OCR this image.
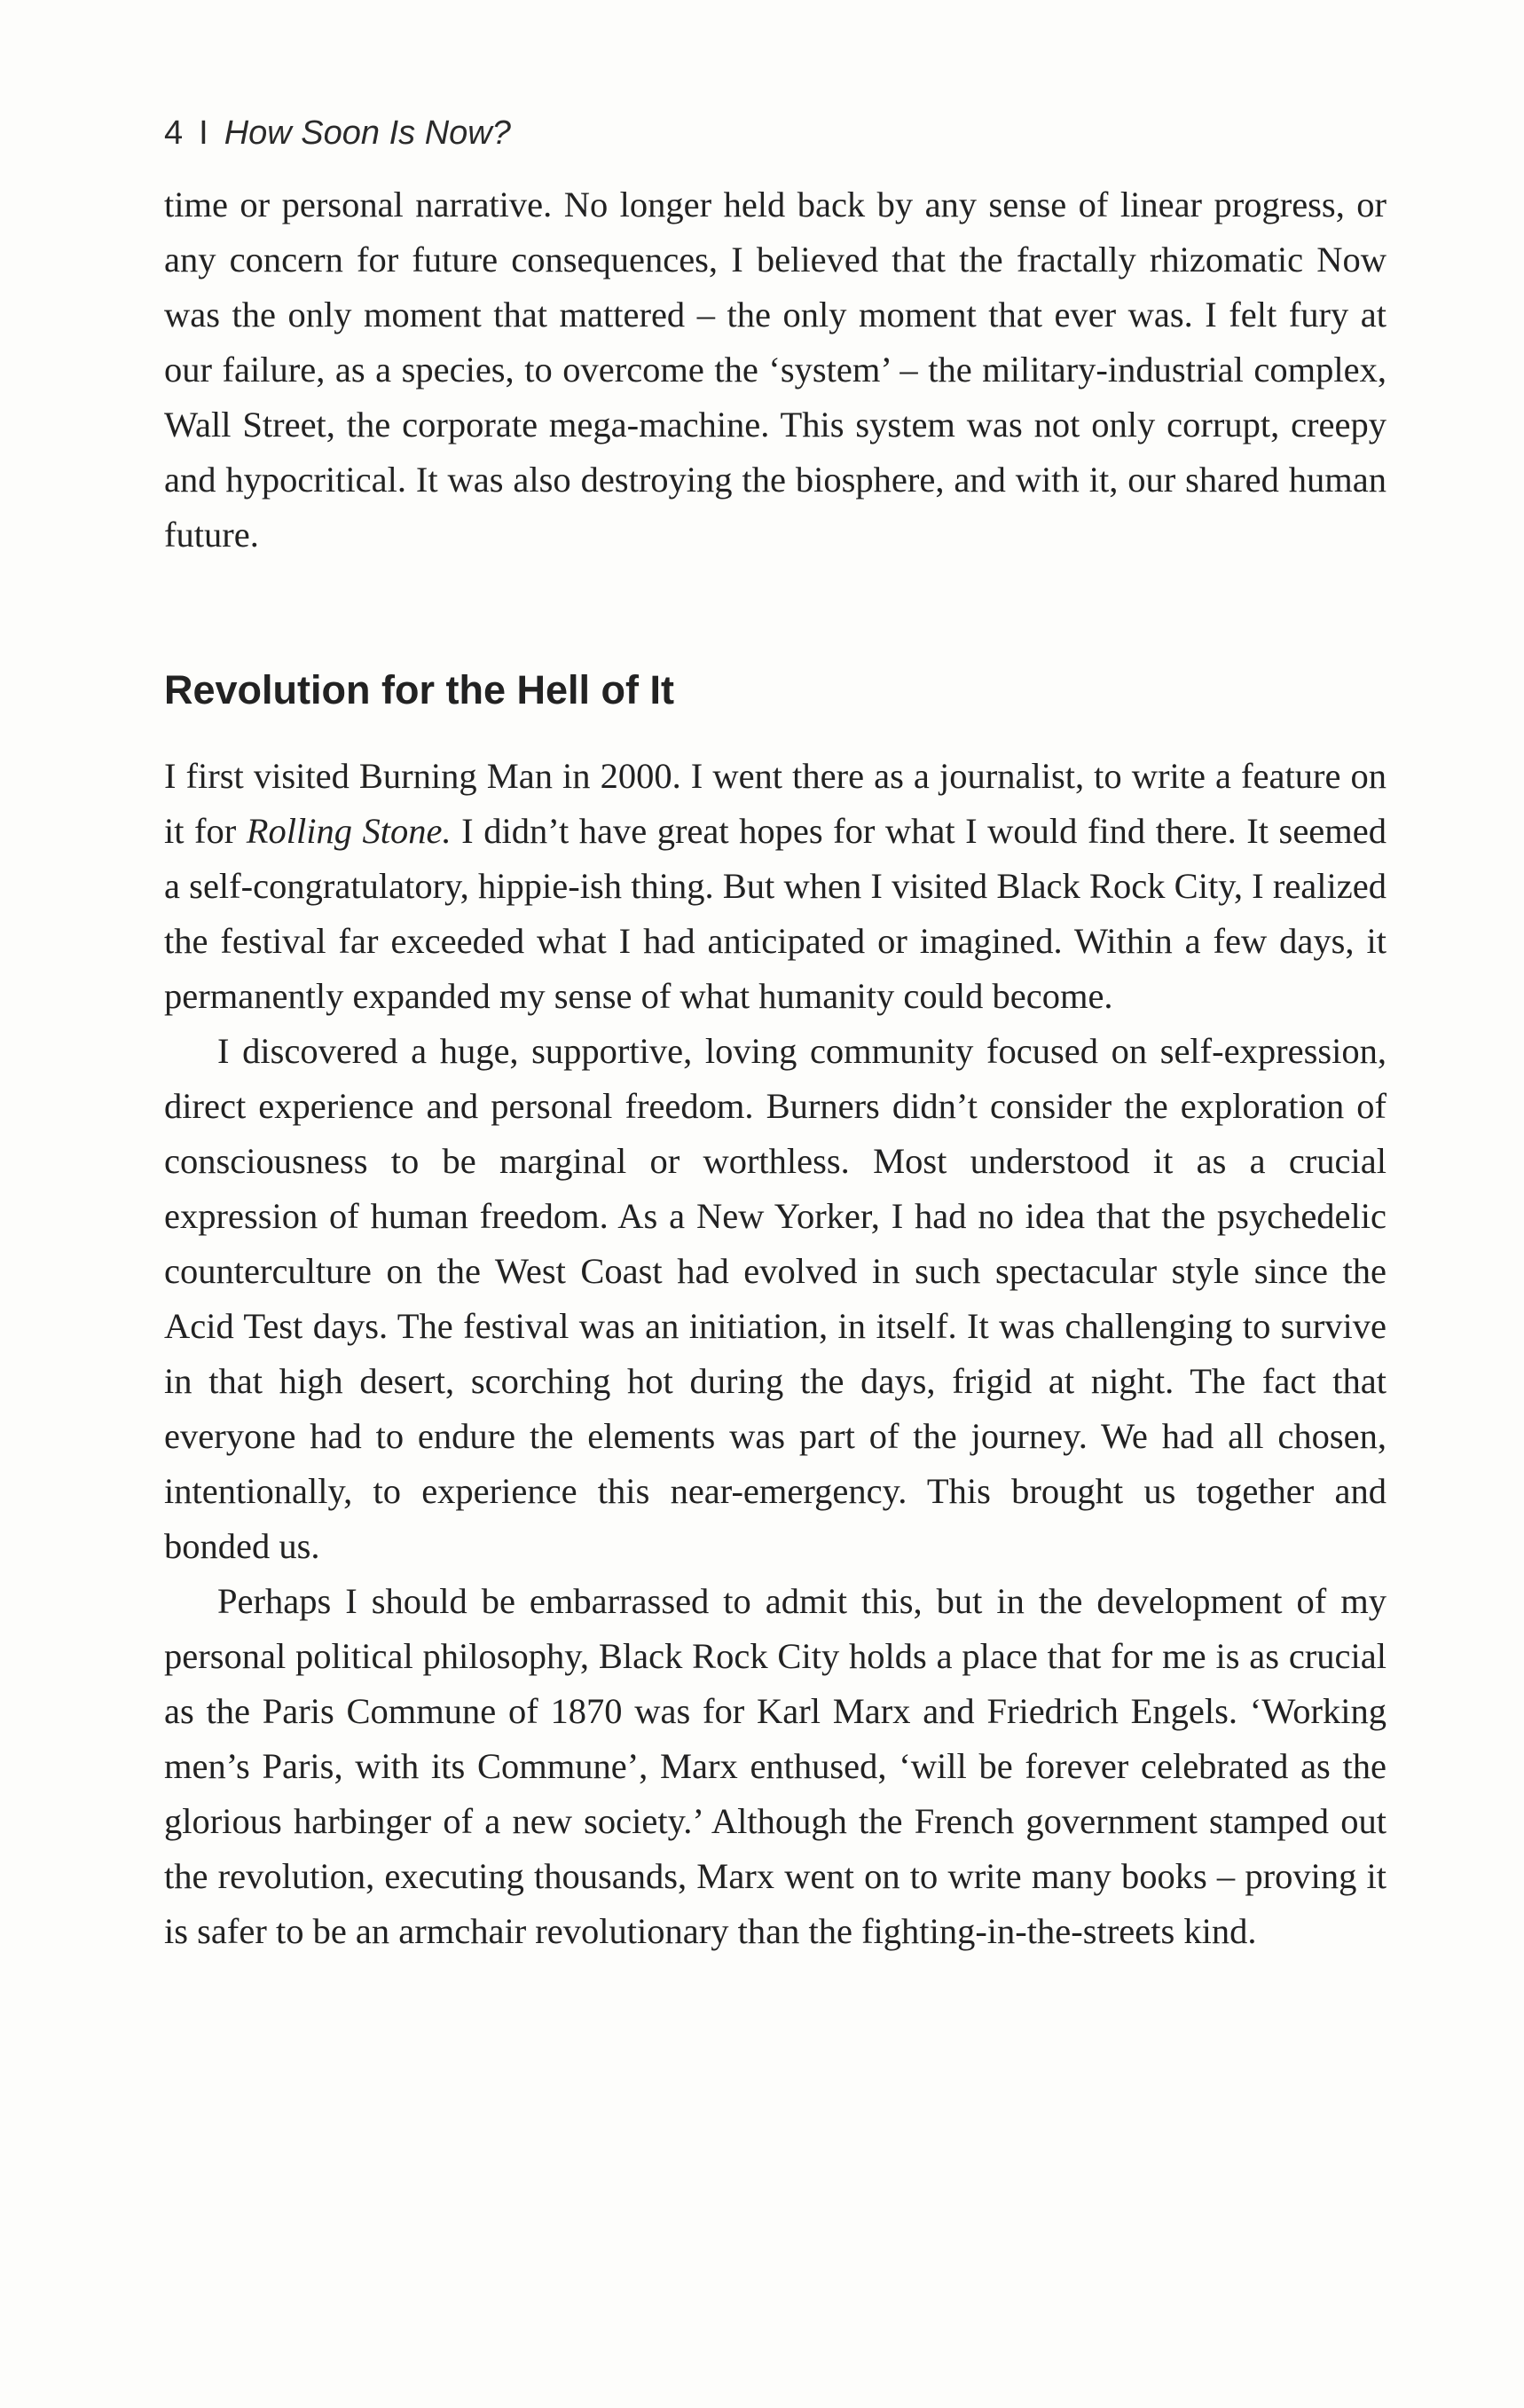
4 I How Soon Is Now?

time or personal narrative. No longer held back by any sense of linear progress, or any concern for future consequences, I believed that the fractally rhizomatic Now was the only moment that mattered – the only moment that ever was. I felt fury at our failure, as a species, to overcome the ‘system’ – the military-industrial complex, Wall Street, the corporate mega-machine. This system was not only corrupt, creepy and hypocritical. It was also destroying the biosphere, and with it, our shared human future.

Revolution for the Hell of It

I first visited Burning Man in 2000. I went there as a journalist, to write a feature on it for Rolling Stone. I didn’t have great hopes for what I would find there. It seemed a self-congratulatory, hippie-ish thing. But when I visited Black Rock City, I realized the festival far exceeded what I had anticipated or imagined. Within a few days, it permanently expanded my sense of what humanity could become.

I discovered a huge, supportive, loving community focused on self-expression, direct experience and personal freedom. Burners didn’t consider the exploration of consciousness to be marginal or worthless. Most understood it as a crucial expression of human freedom. As a New Yorker, I had no idea that the psychedelic counterculture on the West Coast had evolved in such spectacular style since the Acid Test days. The festival was an initiation, in itself. It was challenging to survive in that high desert, scorching hot during the days, frigid at night. The fact that everyone had to endure the elements was part of the journey. We had all chosen, intentionally, to experience this near-emergency. This brought us together and bonded us.

Perhaps I should be embarrassed to admit this, but in the development of my personal political philosophy, Black Rock City holds a place that for me is as crucial as the Paris Commune of 1870 was for Karl Marx and Friedrich Engels. ‘Working men’s Paris, with its Commune’, Marx enthused, ‘will be forever celebrated as the glorious harbinger of a new society.’ Although the French government stamped out the revolution, executing thousands, Marx went on to write many books – proving it is safer to be an armchair revolutionary than the fighting-in-the-streets kind.
